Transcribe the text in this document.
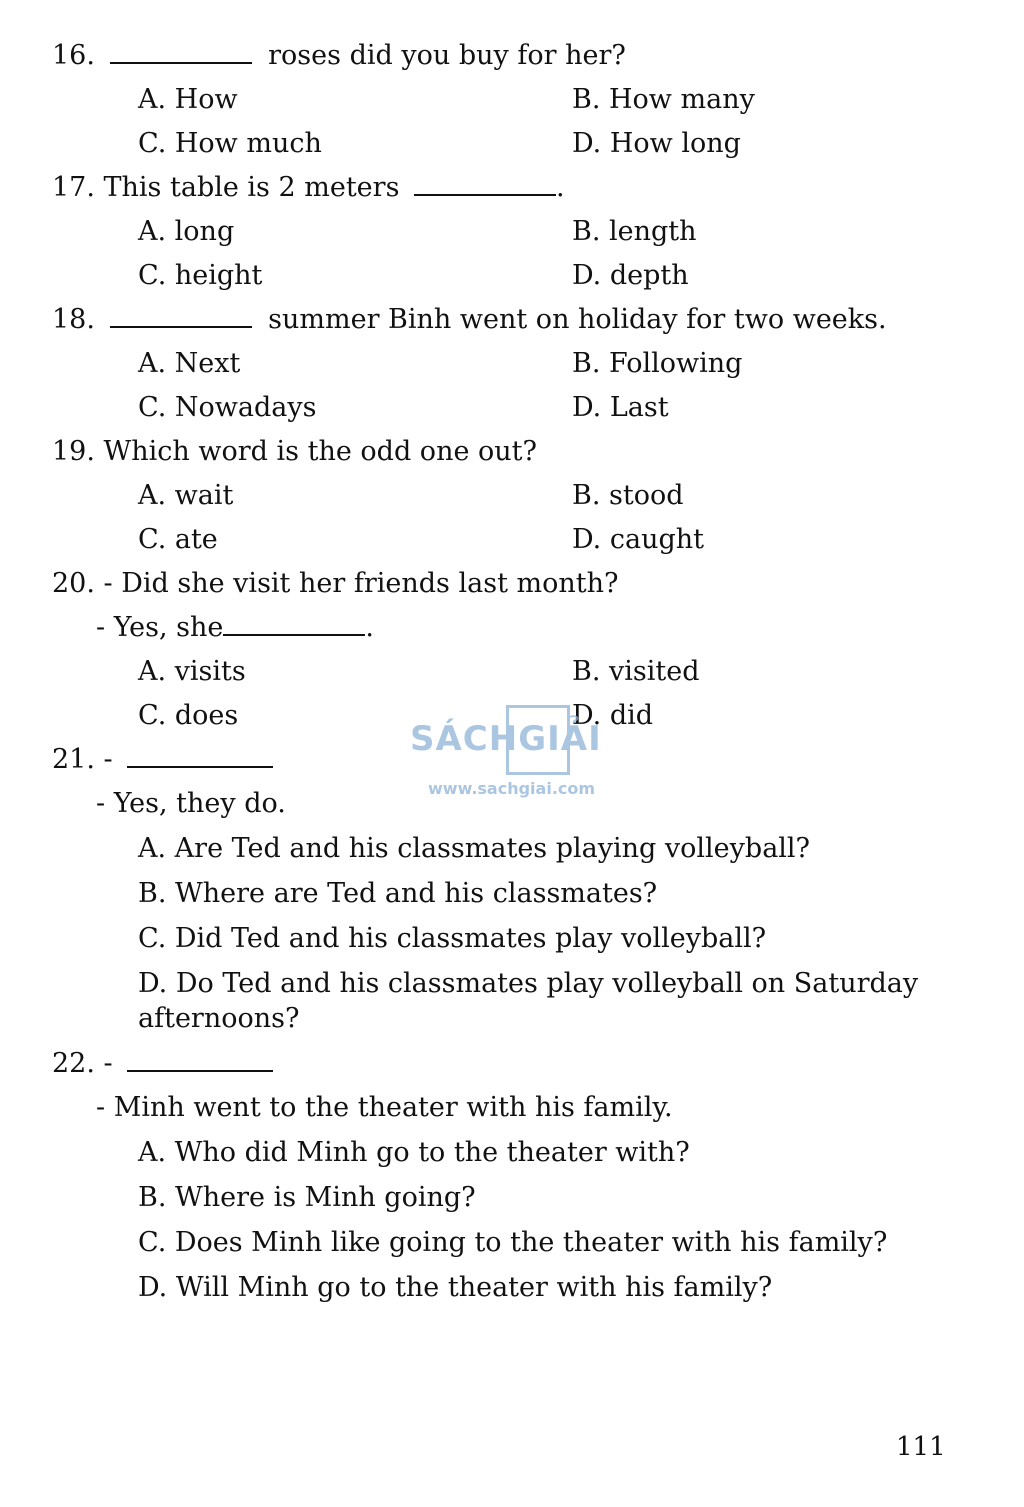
16.	roses did you buy for her?
A. How	B. How many
C. How much	D. How long
17. This table is 2 meters	.
A. long	B. length
C. height	D. depth
18.	summer Binh went on holiday for two weeks.
A. Next	B. Following
C. Nowadays	D. Last
19. Which word is the odd one out?
A. wait	B. stood
C. ate	D. caught
20. - Did she visit her friends last month?
- Yes, she	.
A. visits	B. visited
C. does	D. did
21. -
- Yes, they do.
A. Are Ted and his classmates playing volleyball?
B. Where are Ted and his classmates?
C. Did Ted and his classmates play volleyball?
D. Do Ted and his classmates play volleyball on Saturday
afternoons?
22. -
- Minh went to the theater with his family.
A. Who did Minh go to the theater with?
B. Where is Minh going?
C. Does Minh like going to the theater with his family?
D. Will Minh go to the theater with his family?
SÁCHGIẢI
www.sachgiai.com
111
